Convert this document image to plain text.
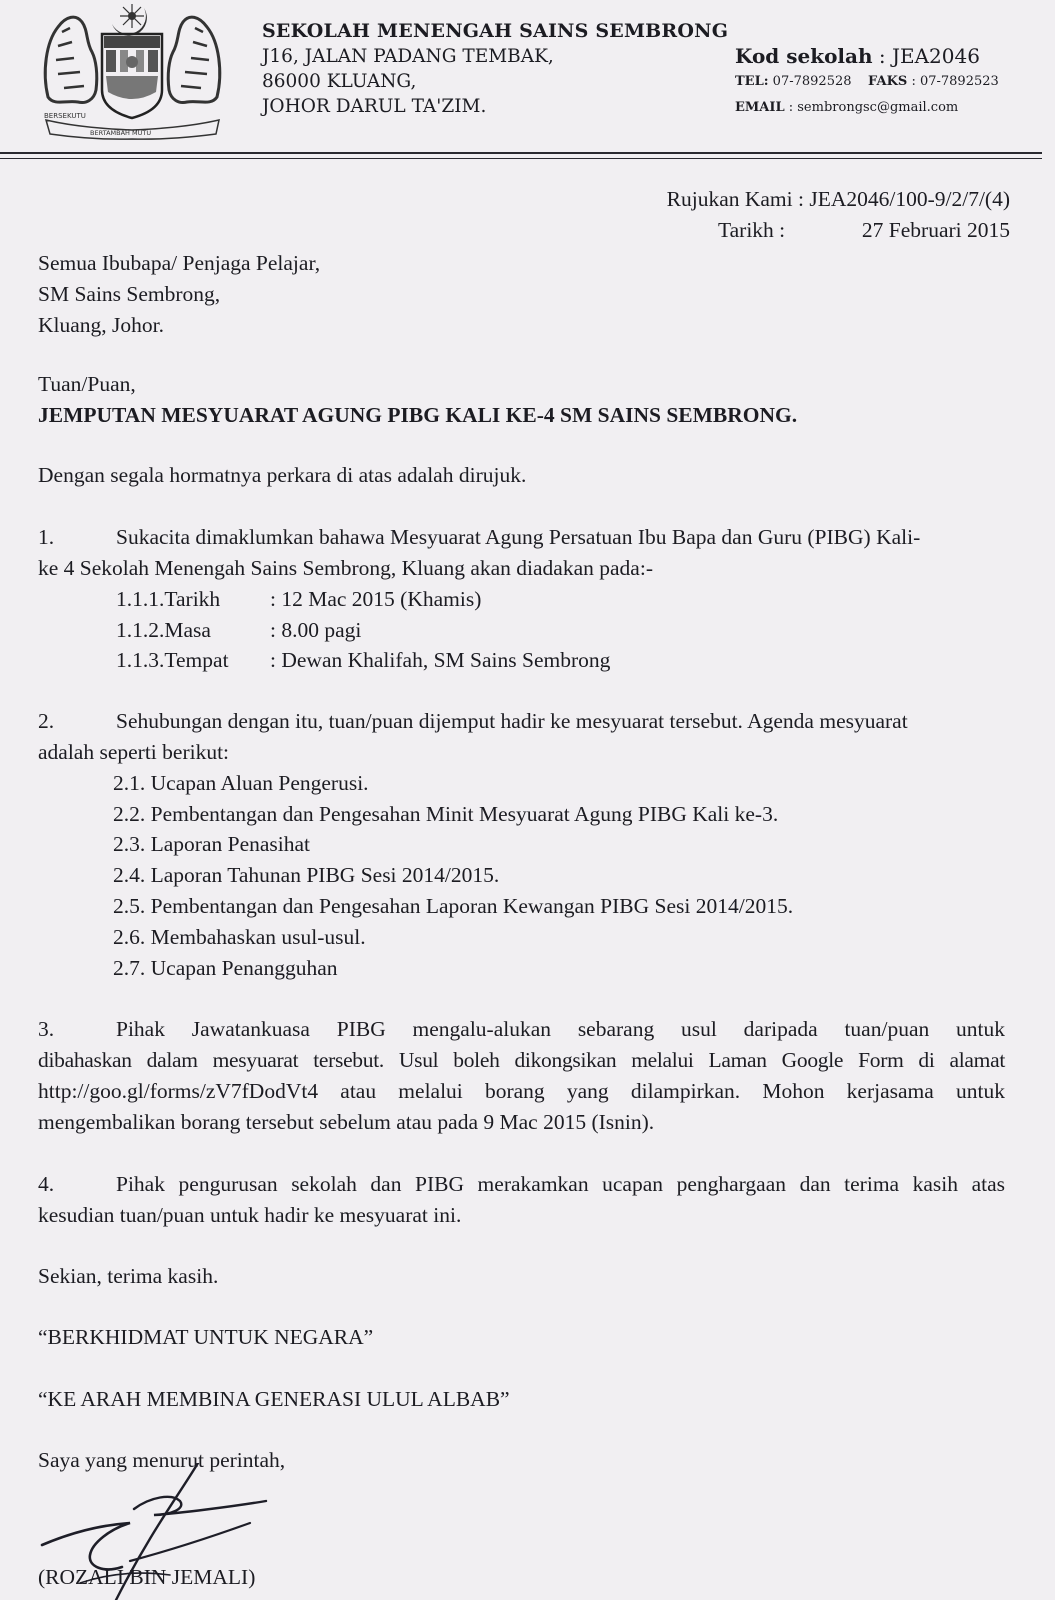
BERSEKUTU
BERTAMBAH MUTU
SEKOLAH MENENGAH SAINS SEMBRONG
J16, JALAN PADANG TEMBAK,
86000 KLUANG,
JOHOR DARUL TA'ZIM.
Kod sekolah : JEA2046
TEL: 07-7892528 FAKS : 07-7892523
EMAIL : sembrongsc@gmail.com
Rujukan Kami : JEA2046/100-9/2/7/(4)
Tarikh :	27 Februari 2015
Semua Ibubapa/ Penjaga Pelajar,
SM Sains Sembrong,
Kluang, Johor.
Tuan/Puan,
JEMPUTAN MESYUARAT AGUNG PIBG KALI KE-4 SM SAINS SEMBRONG.
Dengan segala hormatnya perkara di atas adalah dirujuk.
1.	Sukacita dimaklumkan bahawa Mesyuarat Agung Persatuan Ibu Bapa dan Guru (PIBG) Kali-
ke 4 Sekolah Menengah Sains Sembrong, Kluang akan diadakan pada:-
1.1.1.Tarikh : 12 Mac 2015 (Khamis)
1.1.2.Masa	: 8.00 pagi
1.1.3.Tempat : Dewan Khalifah, SM Sains Sembrong
2.	Sehubungan dengan itu, tuan/puan dijemput hadir ke mesyuarat tersebut. Agenda mesyuarat
adalah seperti berikut:
2.1. Ucapan Aluan Pengerusi.
2.2. Pembentangan dan Pengesahan Minit Mesyuarat Agung PIBG Kali ke-3.
2.3. Laporan Penasihat
2.4. Laporan Tahunan PIBG Sesi 2014/2015.
2.5. Pembentangan dan Pengesahan Laporan Kewangan PIBG Sesi 2014/2015.
2.6. Membahaskan usul-usul.
2.7. Ucapan Penangguhan
3.	Pihak Jawatankuasa PIBG mengalu-alukan sebarang usul daripada tuan/puan untuk
dibahaskan dalam mesyuarat tersebut. Usul boleh dikongsikan melalui Laman Google Form di alamat
http://goo.gl/forms/zV7fDodVt4 atau melalui borang yang dilampirkan. Mohon kerjasama untuk
mengembalikan borang tersebut sebelum atau pada 9 Mac 2015 (Isnin).
4.	Pihak pengurusan sekolah dan PIBG merakamkan ucapan penghargaan dan terima kasih atas
kesudian tuan/puan untuk hadir ke mesyuarat ini.
Sekian, terima kasih.
“BERKHIDMAT UNTUK NEGARA”
“KE ARAH MEMBINA GENERASI ULUL ALBAB”
Saya yang menurut perintah,
(ROZALI BIN JEMALI)
